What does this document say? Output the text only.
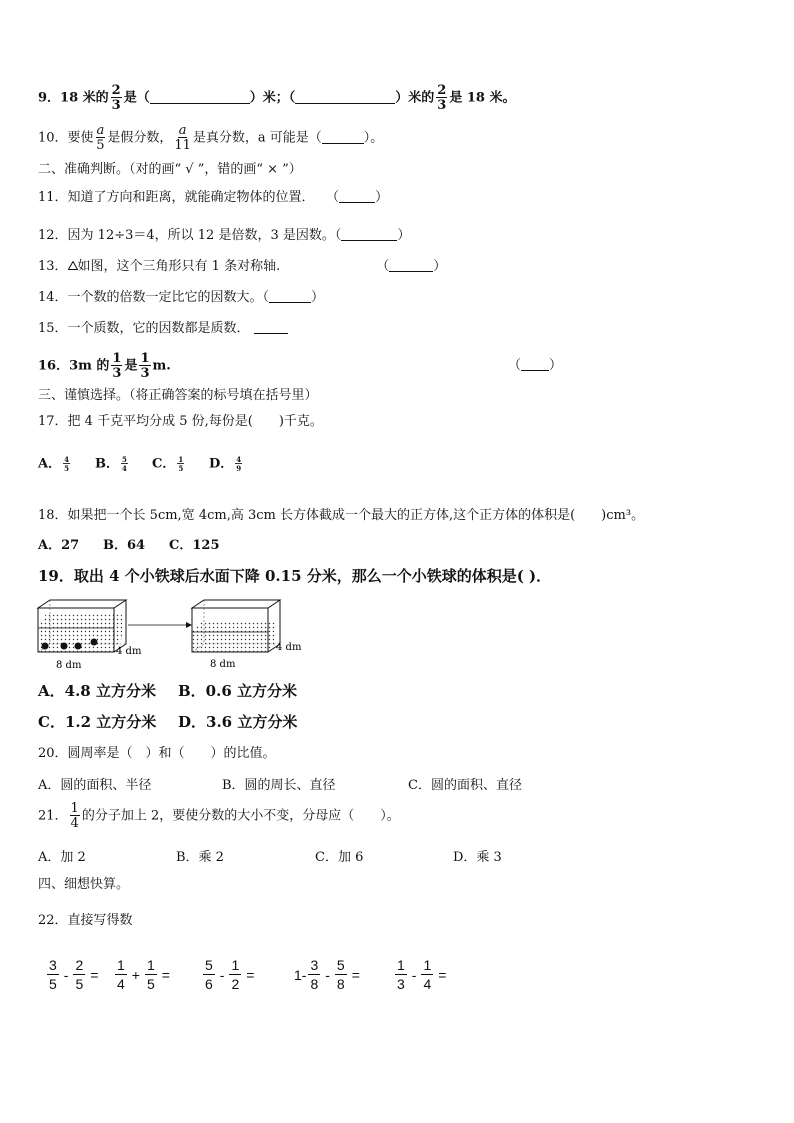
9．18 米的 $\frac{2}{3}$ 是（	）米；（	）米的 $\frac{2}{3}$ 是 18 米。
10．要使 $\frac{a}{5}$ 是假分数， $\frac{a}{11}$ 是真分数，a 可能是（	）。
二、准确判断。（对的画“ √ ”，错的画“ × ”）
11．知道了方向和距离，就能确定物体的位置． （	）
12．因为 12÷3＝4，所以 12 是倍数，3 是因数。（	）
13． 如图，这个三角形只有 1 条对称轴.	（	）
14．一个数的倍数一定比它的因数大。（	）
15．一个质数，它的因数都是质数．
16．3m 的 $\frac{1}{3}$ 是 $\frac{1}{3} m$.	（ ）
三、谨慎选择。（将正确答案的标号填在括号里）
17．把 4 千克平均分成 5 份,每份是(　　)千克。
A． $\frac{4}{5}$ B． $\frac{5}{4}$ C． $\frac{1}{5}$ D． $\frac{4}{9}$
18．如果把一个长 5cm,宽 4cm,高 3cm 长方体截成一个最大的正方体,这个正方体的体积是(　　)cm³。
A．27 B．64 C．125
19．取出 4 个小铁球后水面下降 0.15 分米，那么一个小铁球的体积是( )．
8 dm
4 dm
8 dm
4 dm
A．4.8 立方分米 B．0.6 立方分米
C．1.2 立方分米 D．3.6 立方分米
20．圆周率是（　）和（　　）的比值。
A．圆的面积、半径	B．圆的周长、直径	C．圆的面积、直径
21． $\frac{1}{4}$ 的分子加上 2，要使分数的大小不变，分母应（　　）。
A．加 2	B．乘 2	C．加 6	D．乘 3
四、细想快算。
22．直接写得数
3
5
- $\frac{2}{5}$ =
1
4
+ $\frac{1}{5}$ =
5
6
- $\frac{1}{2}$ =	1-
3
8
- $\frac{5}{8}$ =
1
3
- $\frac{1}{4}$ =
